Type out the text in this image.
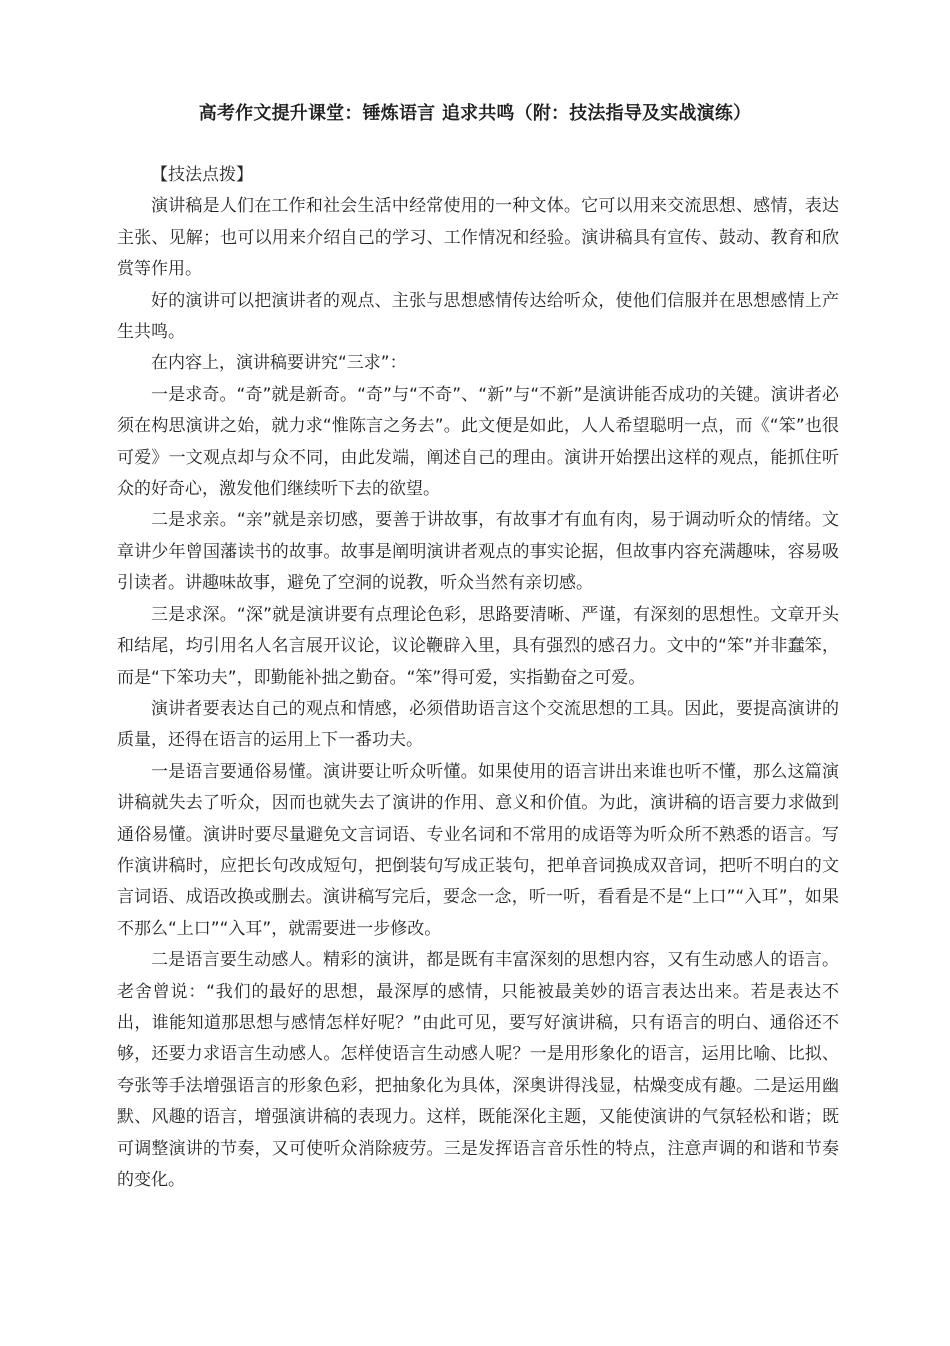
高考作文提升课堂：锤炼语言 追求共鸣（附：技法指导及实战演练）

【技法点拨】

演讲稿是人们在工作和社会生活中经常使用的一种文体。它可以用来交流思想、感情，表达主张、见解；也可以用来介绍自己的学习、工作情况和经验。演讲稿具有宣传、鼓动、教育和欣赏等作用。

好的演讲可以把演讲者的观点、主张与思想感情传达给听众，使他们信服并在思想感情上产生共鸣。

在内容上，演讲稿要讲究“三求”：

一是求奇。“奇”就是新奇。“奇”与“不奇”、“新”与“不新”是演讲能否成功的关键。演讲者必须在构思演讲之始，就力求“惟陈言之务去”。此文便是如此，人人希望聪明一点，而《“笨”也很可爱》一文观点却与众不同，由此发端，阐述自己的理由。演讲开始摆出这样的观点，能抓住听众的好奇心，激发他们继续听下去的欲望。

二是求亲。“亲”就是亲切感，要善于讲故事，有故事才有血有肉，易于调动听众的情绪。文章讲少年曾国藩读书的故事。故事是阐明演讲者观点的事实论据，但故事内容充满趣味，容易吸引读者。讲趣味故事，避免了空洞的说教，听众当然有亲切感。

三是求深。“深”就是演讲要有点理论色彩，思路要清晰、严谨，有深刻的思想性。文章开头和结尾，均引用名人名言展开议论，议论鞭辟入里，具有强烈的感召力。文中的“笨”并非蠢笨，而是“下笨功夫”，即勤能补拙之勤奋。“笨”得可爱，实指勤奋之可爱。

演讲者要表达自己的观点和情感，必须借助语言这个交流思想的工具。因此，要提高演讲的质量，还得在语言的运用上下一番功夫。

一是语言要通俗易懂。演讲要让听众听懂。如果使用的语言讲出来谁也听不懂，那么这篇演讲稿就失去了听众，因而也就失去了演讲的作用、意义和价值。为此，演讲稿的语言要力求做到通俗易懂。演讲时要尽量避免文言词语、专业名词和不常用的成语等为听众所不熟悉的语言。写作演讲稿时，应把长句改成短句，把倒装句写成正装句，把单音词换成双音词，把听不明白的文言词语、成语改换或删去。演讲稿写完后，要念一念，听一听，看看是不是“上口”“入耳”，如果不那么“上口”“入耳”，就需要进一步修改。

二是语言要生动感人。精彩的演讲，都是既有丰富深刻的思想内容，又有生动感人的语言。老舍曾说：“我们的最好的思想，最深厚的感情，只能被最美妙的语言表达出来。若是表达不出，谁能知道那思想与感情怎样好呢？”由此可见，要写好演讲稿，只有语言的明白、通俗还不够，还要力求语言生动感人。怎样使语言生动感人呢？一是用形象化的语言，运用比喻、比拟、夸张等手法增强语言的形象色彩，把抽象化为具体，深奥讲得浅显，枯燥变成有趣。二是运用幽默、风趣的语言，增强演讲稿的表现力。这样，既能深化主题，又能使演讲的气氛轻松和谐；既可调整演讲的节奏，又可使听众消除疲劳。三是发挥语言音乐性的特点，注意声调的和谐和节奏的变化。
